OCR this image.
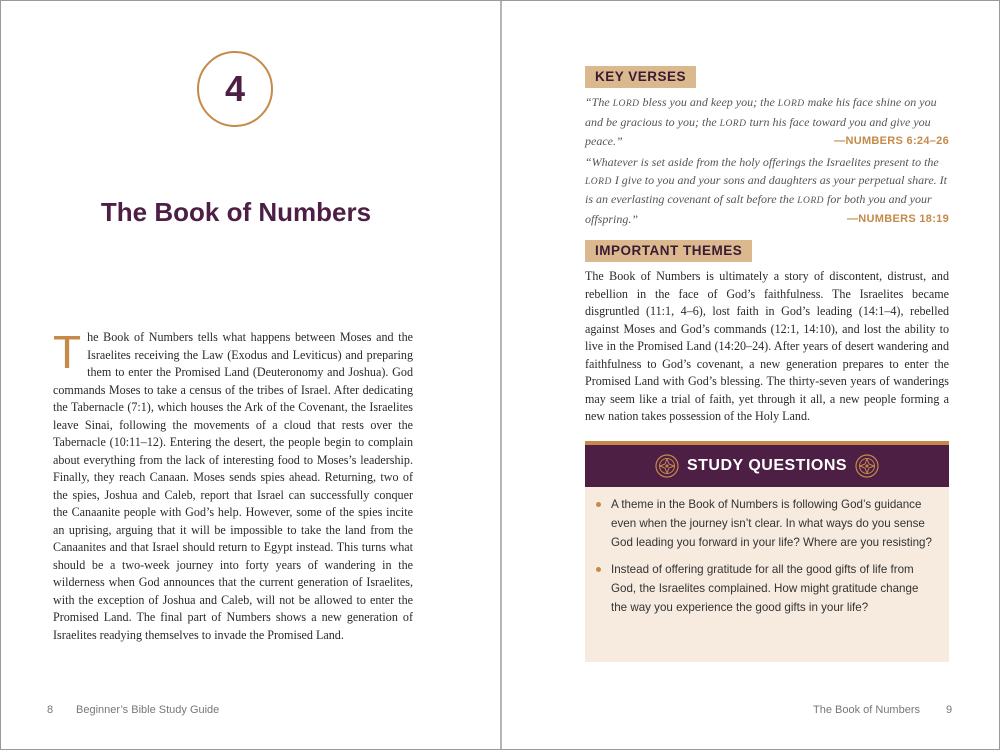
4
The Book of Numbers

The Book of Numbers tells what happens between Moses and the Israelites receiving the Law (Exodus and Leviticus) and preparing them to enter the Promised Land (Deuteronomy and Joshua). God commands Moses to take a census of the tribes of Israel. After dedicating the Tabernacle (7:1), which houses the Ark of the Covenant, the Israelites leave Sinai, following the movements of a cloud that rests over the Tabernacle (10:11–12). Entering the desert, the people begin to complain about everything from the lack of interesting food to Moses’s leadership. Finally, they reach Canaan. Moses sends spies ahead. Returning, two of the spies, Joshua and Caleb, report that Israel can successfully conquer the Canaanite people with God’s help. However, some of the spies incite an uprising, arguing that it will be impossible to take the land from the Canaanites and that Israel should return to Egypt instead. This turns what should be a two-week journey into forty years of wandering in the wilderness when God announces that the current generation of Israelites, with the exception of Joshua and Caleb, will not be allowed to enter the Promised Land. The final part of Numbers shows a new generation of Israelites readying themselves to invade the Promised Land.

8 Beginner’s Bible Study Guide
KEY VERSES

“The LORD bless you and keep you; the LORD make his face shine on you and be gracious to you; the LORD turn his face toward you and give you peace.”	—NUMBERS 6:24–26

“Whatever is set aside from the holy offerings the Israelites present to the LORD I give to you and your sons and daughters as your perpetual share. It is an everlasting covenant of salt before the LORD for both you and your offspring.”	—NUMBERS 18:19

IMPORTANT THEMES

The Book of Numbers is ultimately a story of discontent, distrust, and rebellion in the face of God’s faithfulness. The Israelites became disgruntled (11:1, 4–6), lost faith in God’s leading (14:1–4), rebelled against Moses and God’s commands (12:1, 14:10), and lost the ability to live in the Promised Land (14:20–24). After years of desert wandering and faithfulness to God’s covenant, a new generation prepares to enter the Promised Land with God’s blessing. The thirty-seven years of wanderings may seem like a trial of faith, yet through it all, a new people forming a new nation takes possession of the Holy Land.

STUDY QUESTIONS
A theme in the Book of Numbers is following God’s guidance even when the journey isn’t clear. In what ways do you sense God leading you forward in your life? Where are you resisting?
Instead of offering gratitude for all the good gifts of life from God, the Israelites complained. How might gratitude change the way you experience the good gifts in your life?
The Book of Numbers 9
